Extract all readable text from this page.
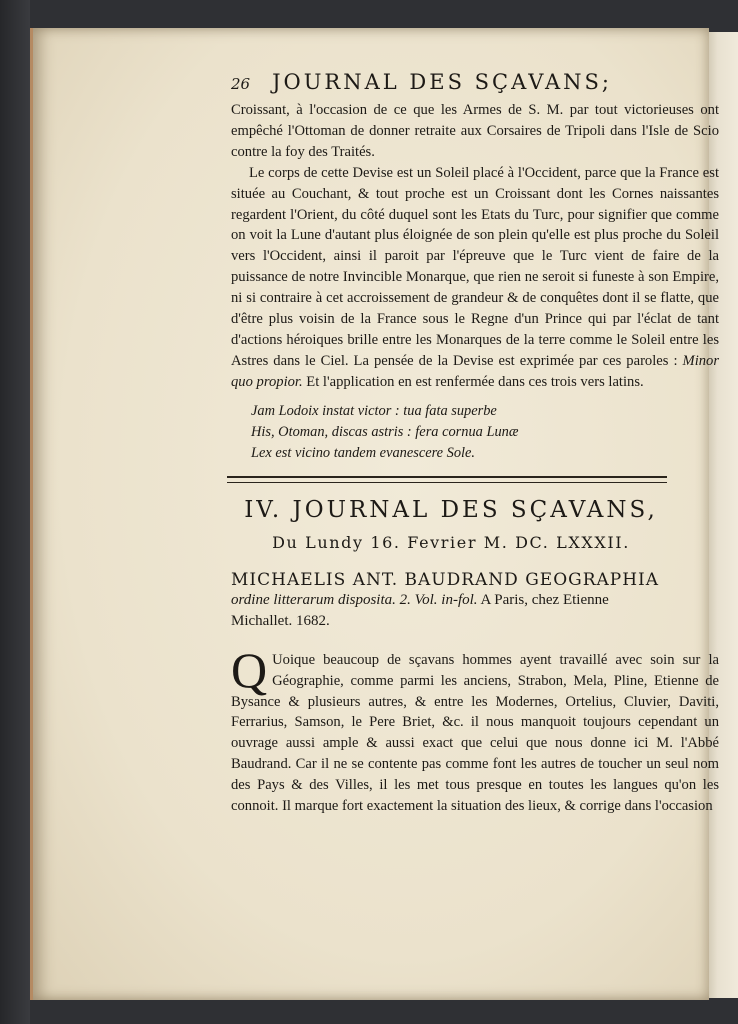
26 JOURNAL DES SÇAVANS;

Croissant, à l'occasion de ce que les Armes de S. M. par tout victorieuses ont empêché l'Ottoman de donner retraite aux Corsaires de Tripoli dans l'Isle de Scio contre la foy des Traités.

Le corps de cette Devise est un Soleil placé à l'Occident, parce que la France est située au Couchant, & tout proche est un Croissant dont les Cornes naissantes regardent l'Orient, du côté duquel sont les Etats du Turc, pour signifier que comme on voit la Lune d'autant plus éloignée de son plein qu'elle est plus proche du Soleil vers l'Occident, ainsi il paroit par l'épreuve que le Turc vient de faire de la puissance de notre Invincible Monarque, que rien ne seroit si funeste à son Empire, ni si contraire à cet accroissement de grandeur & de conquêtes dont il se flatte, que d'être plus voisin de la France sous le Regne d'un Prince qui par l'éclat de tant d'actions héroiques brille entre les Monarques de la terre comme le Soleil entre les Astres dans le Ciel. La pensée de la Devise est exprimée par ces paroles : Minor quo propior. Et l'application en est renfermée dans ces trois vers latins.

Jam Lodoix instat victor : tua fata superbe
His, Otoman, discas astris : fera cornua Lunæ
Lex est vicino tandem evanescere Sole.
IV. JOURNAL DES SÇAVANS,
Du Lundy 16. Fevrier M. DC. LXXXII.
MICHAELIS ANT. BAUDRAND GEOGRAPHIA
ordine litterarum disposita. 2. Vol. in-fol. A Paris, chez Etienne
Michallet. 1682.
Q Uoique beaucoup de sçavans hommes ayent travaillé avec soin sur la Géographie, comme parmi les anciens, Strabon, Mela, Pline, Etienne de Bysance & plusieurs autres, & entre les Modernes, Ortelius, Cluvier, Daviti, Ferrarius, Samson, le Pere Briet, &c. il nous manquoit toujours cependant un ouvrage aussi ample & aussi exact que celui que nous donne ici M. l'Abbé Baudrand. Car il ne se contente pas comme font les autres de toucher un seul nom des Pays & des Villes, il les met tous presque en toutes les langues qu'on les connoit. Il marque fort exactement la situation des lieux, & corrige dans l'occasion
